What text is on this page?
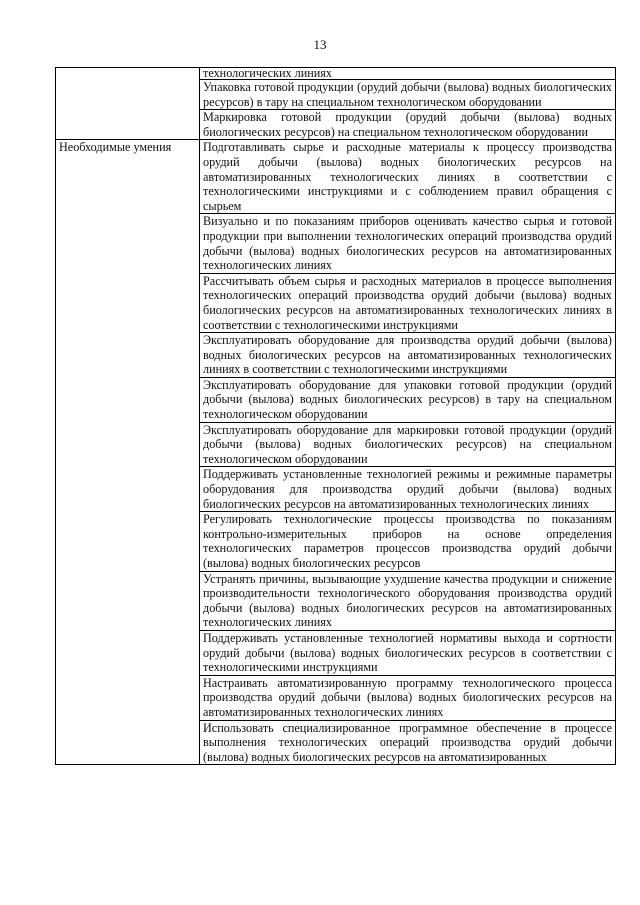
13
	технологических линиях
	Упаковка готовой продукции (орудий добычи (вылова) водных биологических ресурсов) в тару на специальном технологическом оборудовании
	Маркировка готовой продукции (орудий добычи (вылова) водных биологических ресурсов) на специальном технологическом оборудовании
Необходимые умения	Подготавливать сырье и расходные материалы к процессу производства орудий добычи (вылова) водных биологических ресурсов на автоматизированных технологических линиях в соответствии с технологическими инструкциями и с соблюдением правил обращения с сырьем
	Визуально и по показаниям приборов оценивать качество сырья и готовой продукции при выполнении технологических операций производства орудий добычи (вылова) водных биологических ресурсов на автоматизированных технологических линиях
	Рассчитывать объем сырья и расходных материалов в процессе выполнения технологических операций производства орудий добычи (вылова) водных биологических ресурсов на автоматизированных технологических линиях в соответствии с технологическими инструкциями
	Эксплуатировать оборудование для производства орудий добычи (вылова) водных биологических ресурсов на автоматизированных технологических линиях в соответствии с технологическими инструкциями
	Эксплуатировать оборудование для упаковки готовой продукции (орудий добычи (вылова) водных биологических ресурсов) в тару на специальном технологическом оборудовании
	Эксплуатировать оборудование для маркировки готовой продукции (орудий добычи (вылова) водных биологических ресурсов) на специальном технологическом оборудовании
	Поддерживать установленные технологией режимы и режимные параметры оборудования для производства орудий добычи (вылова) водных биологических ресурсов на автоматизированных технологических линиях
	Регулировать технологические процессы производства по показаниям контрольно-измерительных приборов на основе определения технологических параметров процессов производства орудий добычи (вылова) водных биологических ресурсов
	Устранять причины, вызывающие ухудшение качества продукции и снижение производительности технологического оборудования производства орудий добычи (вылова) водных биологических ресурсов на автоматизированных технологических линиях
	Поддерживать установленные технологией нормативы выхода и сортности орудий добычи (вылова) водных биологических ресурсов в соответствии с технологическими инструкциями
	Настраивать автоматизированную программу технологического процесса производства орудий добычи (вылова) водных биологических ресурсов на автоматизированных технологических линиях
	Использовать специализированное программное обеспечение в процессе выполнения технологических операций производства орудий добычи (вылова) водных биологических ресурсов на автоматизированных
